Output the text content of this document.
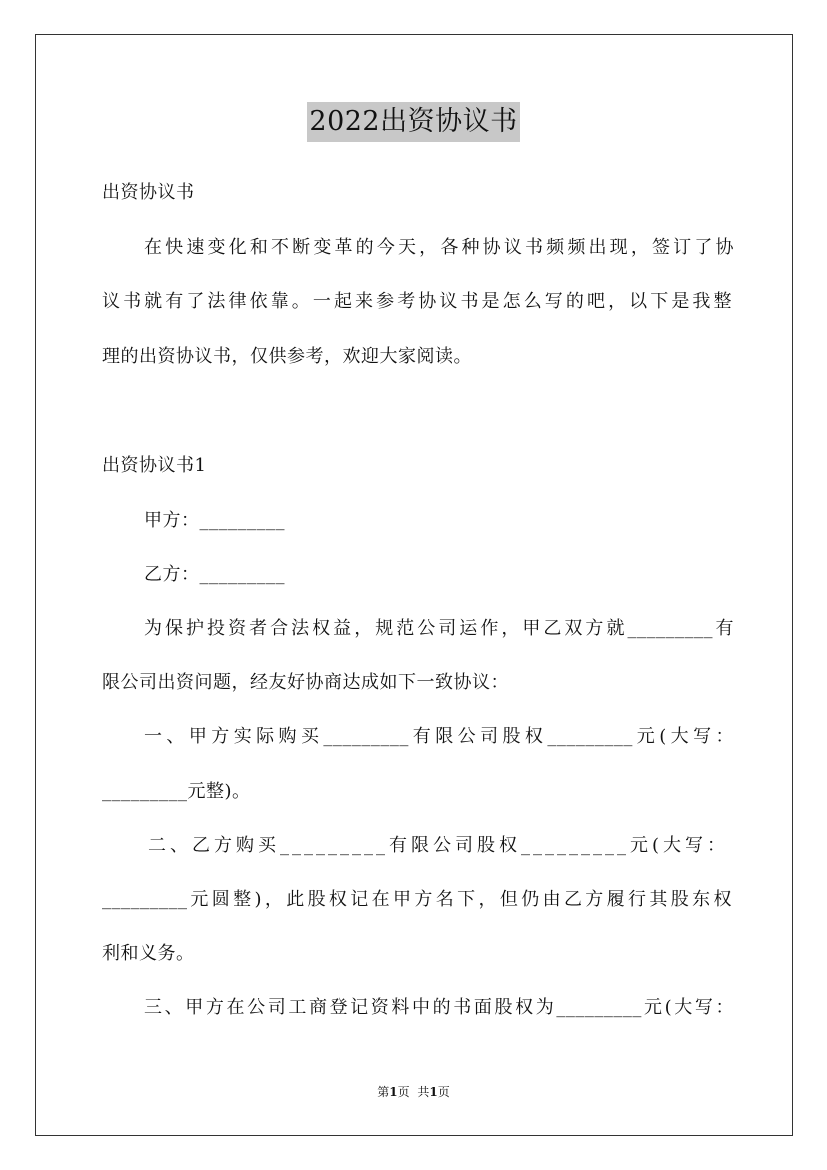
2022出资协议书
出资协议书
在快速变化和不断变革的今天，各种协议书频频出现，签订了协
议书就有了法律依靠。一起来参考协议书是怎么写的吧，以下是我整
理的出资协议书，仅供参考，欢迎大家阅读。
出资协议书1
甲方：_________
乙方：_________
为保护投资者合法权益，规范公司运作，甲乙双方就_________有
限公司出资问题，经友好协商达成如下一致协议：
一、甲方实际购买_________有限公司股权_________元(大写：
_________元整)。
二、乙方购买_________有限公司股权_________元(大写：
_________元圆整)，此股权记在甲方名下，但仍由乙方履行其股东权
利和义务。
三、甲方在公司工商登记资料中的书面股权为_________元(大写：
第1页 共1页
